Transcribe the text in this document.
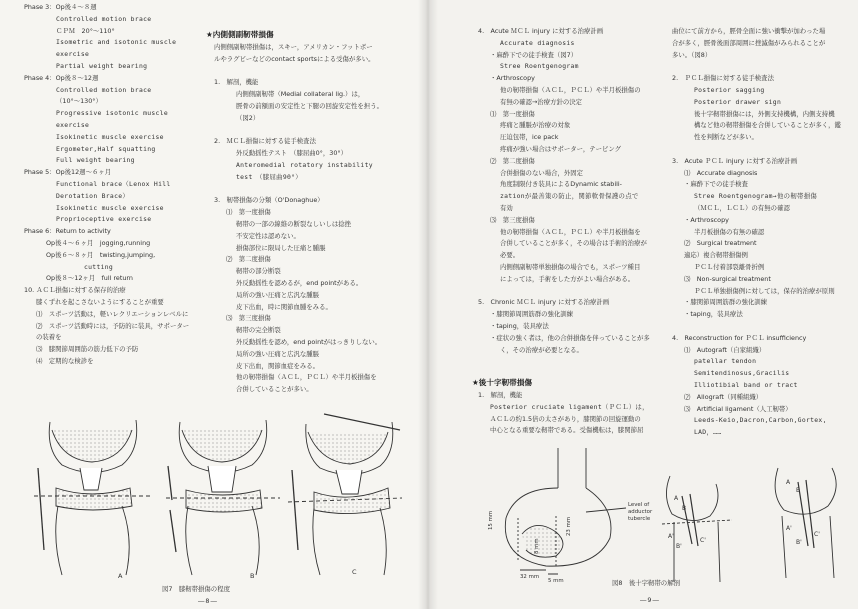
Phase 3：Op後４～８週
Controlled motion brace
ＣＰＭ　20°～110°
Isometric and isotonic muscle
exercise
Partial weight bearing
Phase 4：Op後８～12週
Controlled motion brace
（10°～130°）
Progressive isotonic muscle
exercise
Isokinetic muscle exercise
Ergometer,Half squatting
Full weight bearing
Phase 5：Op後12週～６ヶ月
Functional brace（Lenox Hill
Derotation Brace）
Isokinetic muscle exercise
Proprioceptive exercise
Phase 6：Return to activity
Op後４～６ヶ月　jogging,running
Op後６～８ヶ月　twisting,jumping,
cutting
Op後８～12ヶ月　full return
10. ＡＣＬ損傷に対する保存的治療
膝くずれを起こさないようにすることが重要
⑴　スポーツ活動は，軽いレクリエーションレベルに
⑵　スポーツ活動時には，予防的に装具，サポーター
の装着を
⑶　膝関節周囲筋の筋力低下の予防
⑷　定期的な検診を
★内側側副靭帯損傷
内側側副靭帯損傷は，スキー，アメリカン・フットボー
ルやラグビーなどのcontact sportsによる受傷が多い。
1.　解剖，機能
内側側副靭帯（Medial collateral lig.）は，
脛骨の前額面の安定性と下腿の回旋安定性を担う。
（図2）
2.　ＭＣＬ損傷に対する徒手検査法
外反動揺性テスト　（膝屈曲0°，30°）
Anteromedial rotatory instability
test　（膝屈曲90°）
3.　靭帯損傷の分類（O'Donaghue）
⑴　第一度損傷
靭帯の一部の線維の断裂なしいしは捻挫
不安定性は認めない。
損傷部位に限局した圧痛と腫脹
⑵　第二度損傷
靭帯の部分断裂
外反動揺性を認めるが，end pointがある。
局所の強い圧痛と広汎な腫脹
皮下出血，時に関節血腫をみる。
⑶　第三度損傷
靭帯の完全断裂
外反動揺性を認め，end pointがはっきりしない。
局所の強い圧痛と広汎な腫脹
皮下出血，関節血症をみる。
他の靭帯損傷（ＡＣＬ，ＰＣＬ）や半月板損傷を
合併していることが多い。
A	B	C
図7　膝靭帯損傷の程度
―8―
4.　Acute ＭＣＬ injury に対する治療計画
Accurate diagnosis
・麻酔下での徒手検査（図7）
Stree Roentgenogram
・Arthroscopy
他の靭帯損傷（ＡＣＬ，ＰＣＬ）や半月板損傷の
有無の確認→治療方針の決定
⑴　第一度損傷
疼痛と腫脹が治療の対象
圧迫包帯，ice pack
疼痛が強い場合はサポーター，テーピング
⑵　第二度損傷
合併損傷のない場合，外固定
角度制限付き装具によるDynamic stabili-
zationが最善策の防止，関節軟骨保護の点で
有効
⑶　第三度損傷
他の靭帯損傷（ＡＣＬ，ＰＣＬ）や半月板損傷を
合併していることが多く，その場合は手術的治療が
必要。
内側側副靭帯単独損傷の場合でも，スポーツ種目
によっては，手術をした方がよい場合がある。
5.　Chronic ＭＣＬ injury に対する治療計画
・膝関節周囲筋群の強化訓練
・taping，装具療法
・症状の強く者は，他の合併損傷を伴っていることが多
く，その治療が必要となる。
★後十字靭帯損傷
1.　解剖，機能
Posterior cruciate ligament（ＰＣＬ）は，
ＡＣＬの約1.5倍の太さがあり，膝関節の回旋運動の
中心となる重要な靭帯である。受傷機転は，膝関節屈
曲位にて前方から，脛骨全面に強い衝撃が加わった場
合が多く，脛骨後面部周囲に挫滅傷がみられることが
多い。（図8）
2.　ＰＣＬ損傷に対する徒手検査法
Posterior sagging
Posterior drawer sign
後十字靭帯損傷には，外側支持機構，内側支持機
構など他の靭帯損傷を合併していることが多く，鑑
性を判断などが多い。
3.　Acute ＰＣＬ injury に対する治療計画
⑴　Accurate diagnosis
・麻酔下での徒手検査
Stree Roentgenogram→他の靭帯損傷
（ＭＣＬ，ＬＣＬ）の有無の確認
・Arthroscopy
半月板損傷の有無の確認
⑵　Surgical treatment
適応）複合靭帯損傷例
ＰＣＬ付着部裂離骨折例
⑶　Non-surgical treatment
ＰＣＬ単独損傷例に対しては，保存的治療が原則
・膝関節周囲筋群の強化訓練
・taping，装具療法
4.　Reconstruction for ＰＣＬ insufficiency
⑴　Autograft（自家組織）
patellar tendon
Semitendinosus,Gracilis
Illiotibial band or tract
⑵　Allograft（同種組織）
⑶　Artificial ligament（人工靭帯）
Leeds-Keio,Dacron,Carbon,Gortex,
LAD，……
15 mm	23 mm
8 mm
32 mm
5 mm
Level of
adductor
tubercle
A
B
A'
B'
C'
A
B
A'
B'
C'
図8　後十字靭帯の解剖
―9―
